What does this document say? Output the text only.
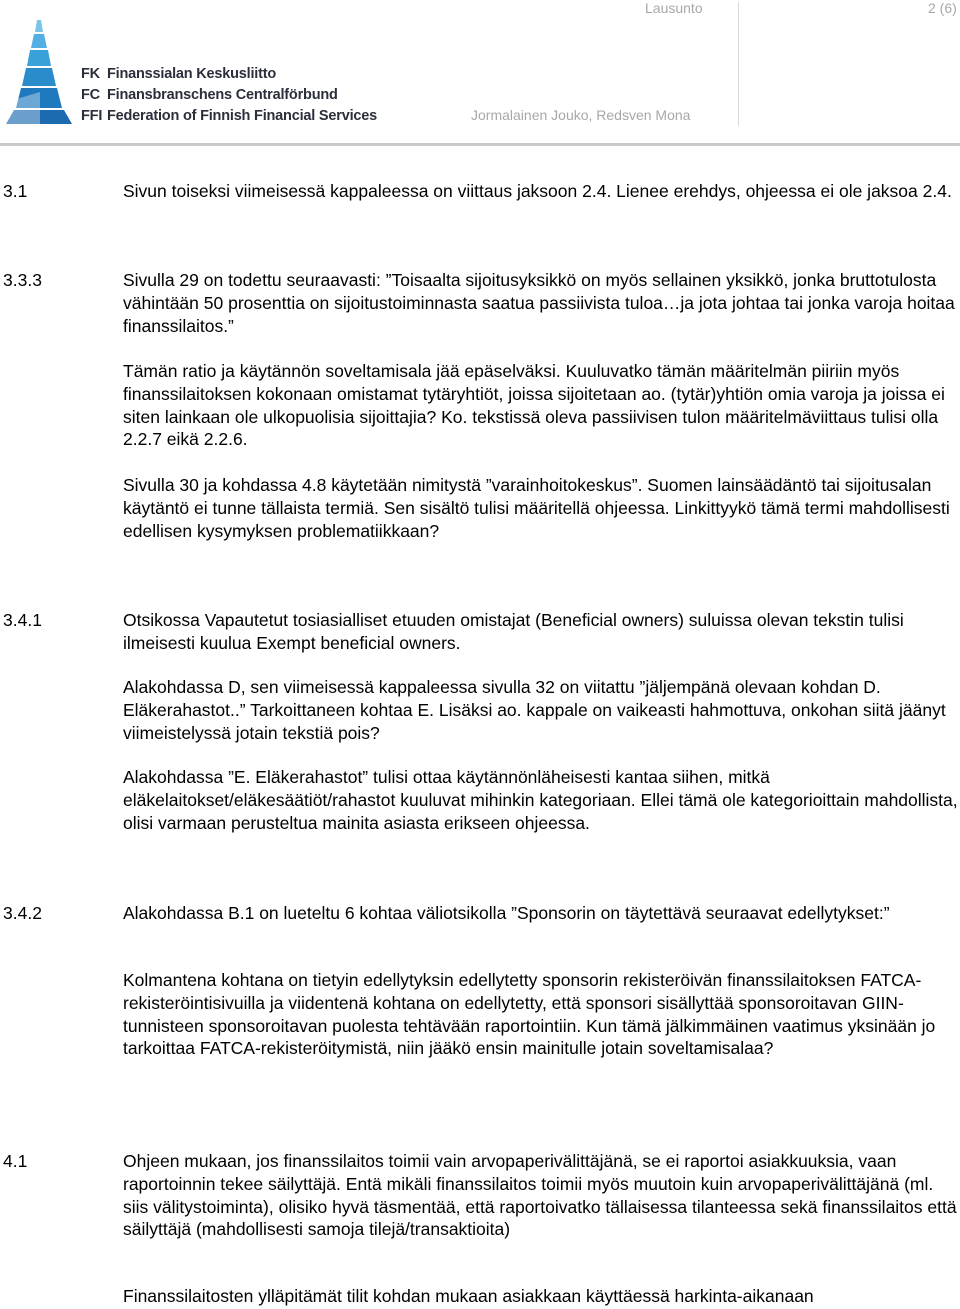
Lausunto	2 (6)
Jormalainen Jouko, Redsven Mona
FK Finanssialan Keskusliitto
FC Finansbranschens Centralförbund
FFI Federation of Finnish Financial Services
3.1	Sivun toiseksi viimeisessä kappaleessa on viittaus jaksoon 2.4. Lienee erehdys, ohjeessa ei ole jaksoa 2.4.
3.3.3	Sivulla 29 on todettu seuraavasti: ”Toisaalta sijoitusyksikkö on myös sellainen yksikkö, jonka bruttotulosta vähintään 50 prosenttia on sijoitustoiminnasta saatua passiivista tuloa…ja jota johtaa tai jonka varoja hoitaa finanssilaitos.”
Tämän ratio ja käytännön soveltamisala jää epäselväksi. Kuuluvatko tämän määritelmän piiriin myös finanssilaitoksen kokonaan omistamat tytäryhtiöt, joissa sijoitetaan ao. (tytär)yhtiön omia varoja ja joissa ei siten lainkaan ole ulkopuolisia sijoittajia? Ko. tekstissä oleva passiivisen tulon määritelmäviittaus tulisi olla 2.2.7 eikä 2.2.6.
Sivulla 30 ja kohdassa 4.8 käytetään nimitystä ”varainhoitokeskus”. Suomen lainsäädäntö tai sijoitusalan käytäntö ei tunne tällaista termiä. Sen sisältö tulisi määritellä ohjeessa. Linkittyykö tämä termi mahdollisesti edellisen kysymyksen problematiikkaan?
3.4.1	Otsikossa Vapautetut tosiasialliset etuuden omistajat (Beneficial owners) suluissa olevan tekstin tulisi ilmeisesti kuulua Exempt beneficial owners.
Alakohdassa D, sen viimeisessä kappaleessa sivulla 32 on viitattu ”jäljempänä olevaan kohdan D. Eläkerahastot..” Tarkoittaneen kohtaa E. Lisäksi ao. kappale on vaikeasti hahmottuva, onkohan siitä jäänyt viimeistelyssä jotain tekstiä pois?
Alakohdassa ”E. Eläkerahastot” tulisi ottaa käytännönläheisesti kantaa siihen, mitkä eläkelaitokset/eläkesäätiöt/rahastot kuuluvat mihinkin kategoriaan. Ellei tämä ole kategorioittain mahdollista, olisi varmaan perusteltua mainita asiasta erikseen ohjeessa.
3.4.2	Alakohdassa B.1 on lueteltu 6 kohtaa väliotsikolla ”Sponsorin on täytettävä seuraavat edellytykset:”
Kolmantena kohtana on tietyin edellytyksin edellytetty sponsorin rekisteröivän finanssilaitoksen FATCA-rekisteröintisivuilla ja viidentenä kohtana on edellytetty, että sponsori sisällyttää sponsoroitavan GIIN-tunnisteen sponsoroitavan puolesta tehtävään raportointiin. Kun tämä jälkimmäinen vaatimus yksinään jo tarkoittaa FATCA-rekisteröitymistä, niin jääkö ensin mainitulle jotain soveltamisalaa?
4.1	Ohjeen mukaan, jos finanssilaitos toimii vain arvopaperivälittäjänä, se ei raportoi asiakkuuksia, vaan raportoinnin tekee säilyttäjä. Entä mikäli finanssilaitos toimii myös muutoin kuin arvopaperivälittäjänä (ml. siis välitystoiminta), olisiko hyvä täsmentää, että raportoivatko tällaisessa tilanteessa sekä finanssilaitos että säilyttäjä (mahdollisesti samoja tilejä/transaktioita)
Finanssilaitosten ylläpitämät tilit kohdan mukaan asiakkaan käyttäessä harkinta-aikanaan
